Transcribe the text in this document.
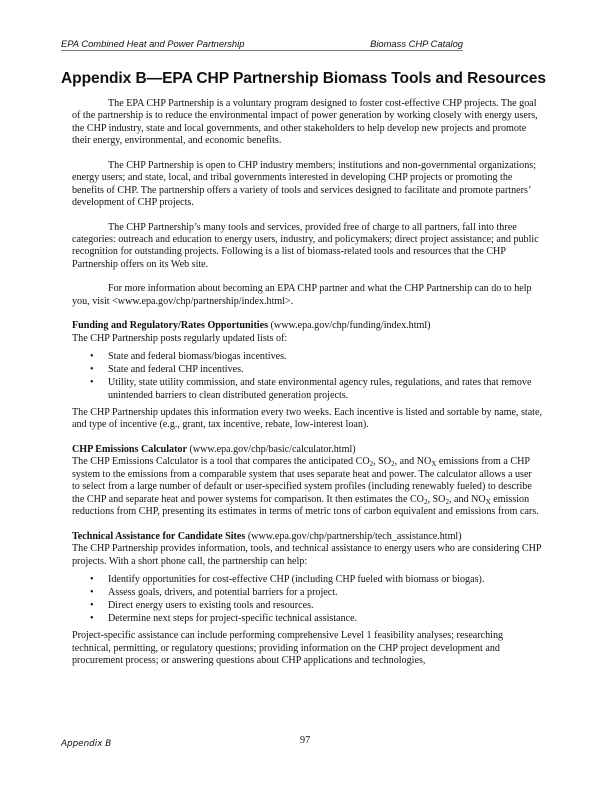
EPA Combined Heat and Power Partnership	Biomass CHP Catalog
Appendix B—EPA CHP Partnership Biomass Tools and Resources

The EPA CHP Partnership is a voluntary program designed to foster cost-effective CHP projects. The goal of the partnership is to reduce the environmental impact of power generation by working closely with energy users, the CHP industry, state and local governments, and other stakeholders to help develop new projects and promote their energy, environmental, and economic benefits.

The CHP Partnership is open to CHP industry members; institutions and non-governmental organizations; energy users; and state, local, and tribal governments interested in developing CHP projects or promoting the benefits of CHP. The partnership offers a variety of tools and services designed to facilitate and promote partners’ development of CHP projects.

The CHP Partnership’s many tools and services, provided free of charge to all partners, fall into three categories: outreach and education to energy users, industry, and policymakers; direct project assistance; and public recognition for outstanding projects. Following is a list of biomass-related tools and resources that the CHP Partnership offers on its Web site.

For more information about becoming an EPA CHP partner and what the CHP Partnership can do to help you, visit <www.epa.gov/chp/partnership/index.html>.

Funding and Regulatory/Rates Opportunities (www.epa.gov/chp/funding/index.html)
The CHP Partnership posts regularly updated lists of:

• State and federal biomass/biogas incentives.
• State and federal CHP incentives.
• Utility, state utility commission, and state environmental agency rules, regulations, and rates that remove unintended barriers to clean distributed generation projects.

The CHP Partnership updates this information every two weeks. Each incentive is listed and sortable by name, state, and type of incentive (e.g., grant, tax incentive, rebate, low-interest loan).

CHP Emissions Calculator (www.epa.gov/chp/basic/calculator.html)
The CHP Emissions Calculator is a tool that compares the anticipated $CO_2$, $SO_2$, and $NO_X$ emissions from a CHP system to the emissions from a comparable system that uses separate heat and power. The calculator allows a user to select from a large number of default or user-specified system profiles (including renewably fueled) to describe the CHP and separate heat and power systems for comparison. It then estimates the $CO_2$, $SO_2$, and $NO_X$ emission reductions from CHP, presenting its estimates in terms of metric tons of carbon equivalent and emissions from cars.

Technical Assistance for Candidate Sites (www.epa.gov/chp/partnership/tech_assistance.html)
The CHP Partnership provides information, tools, and technical assistance to energy users who are considering CHP projects. With a short phone call, the partnership can help:

• Identify opportunities for cost-effective CHP (including CHP fueled with biomass or biogas).
• Assess goals, drivers, and potential barriers for a project.
• Direct energy users to existing tools and resources.
• Determine next steps for project-specific technical assistance.

Project-specific assistance can include performing comprehensive Level 1 feasibility analyses; researching technical, permitting, or regulatory questions; providing information on the CHP project development and procurement process; or answering questions about CHP applications and technologies,

Appendix B	97
